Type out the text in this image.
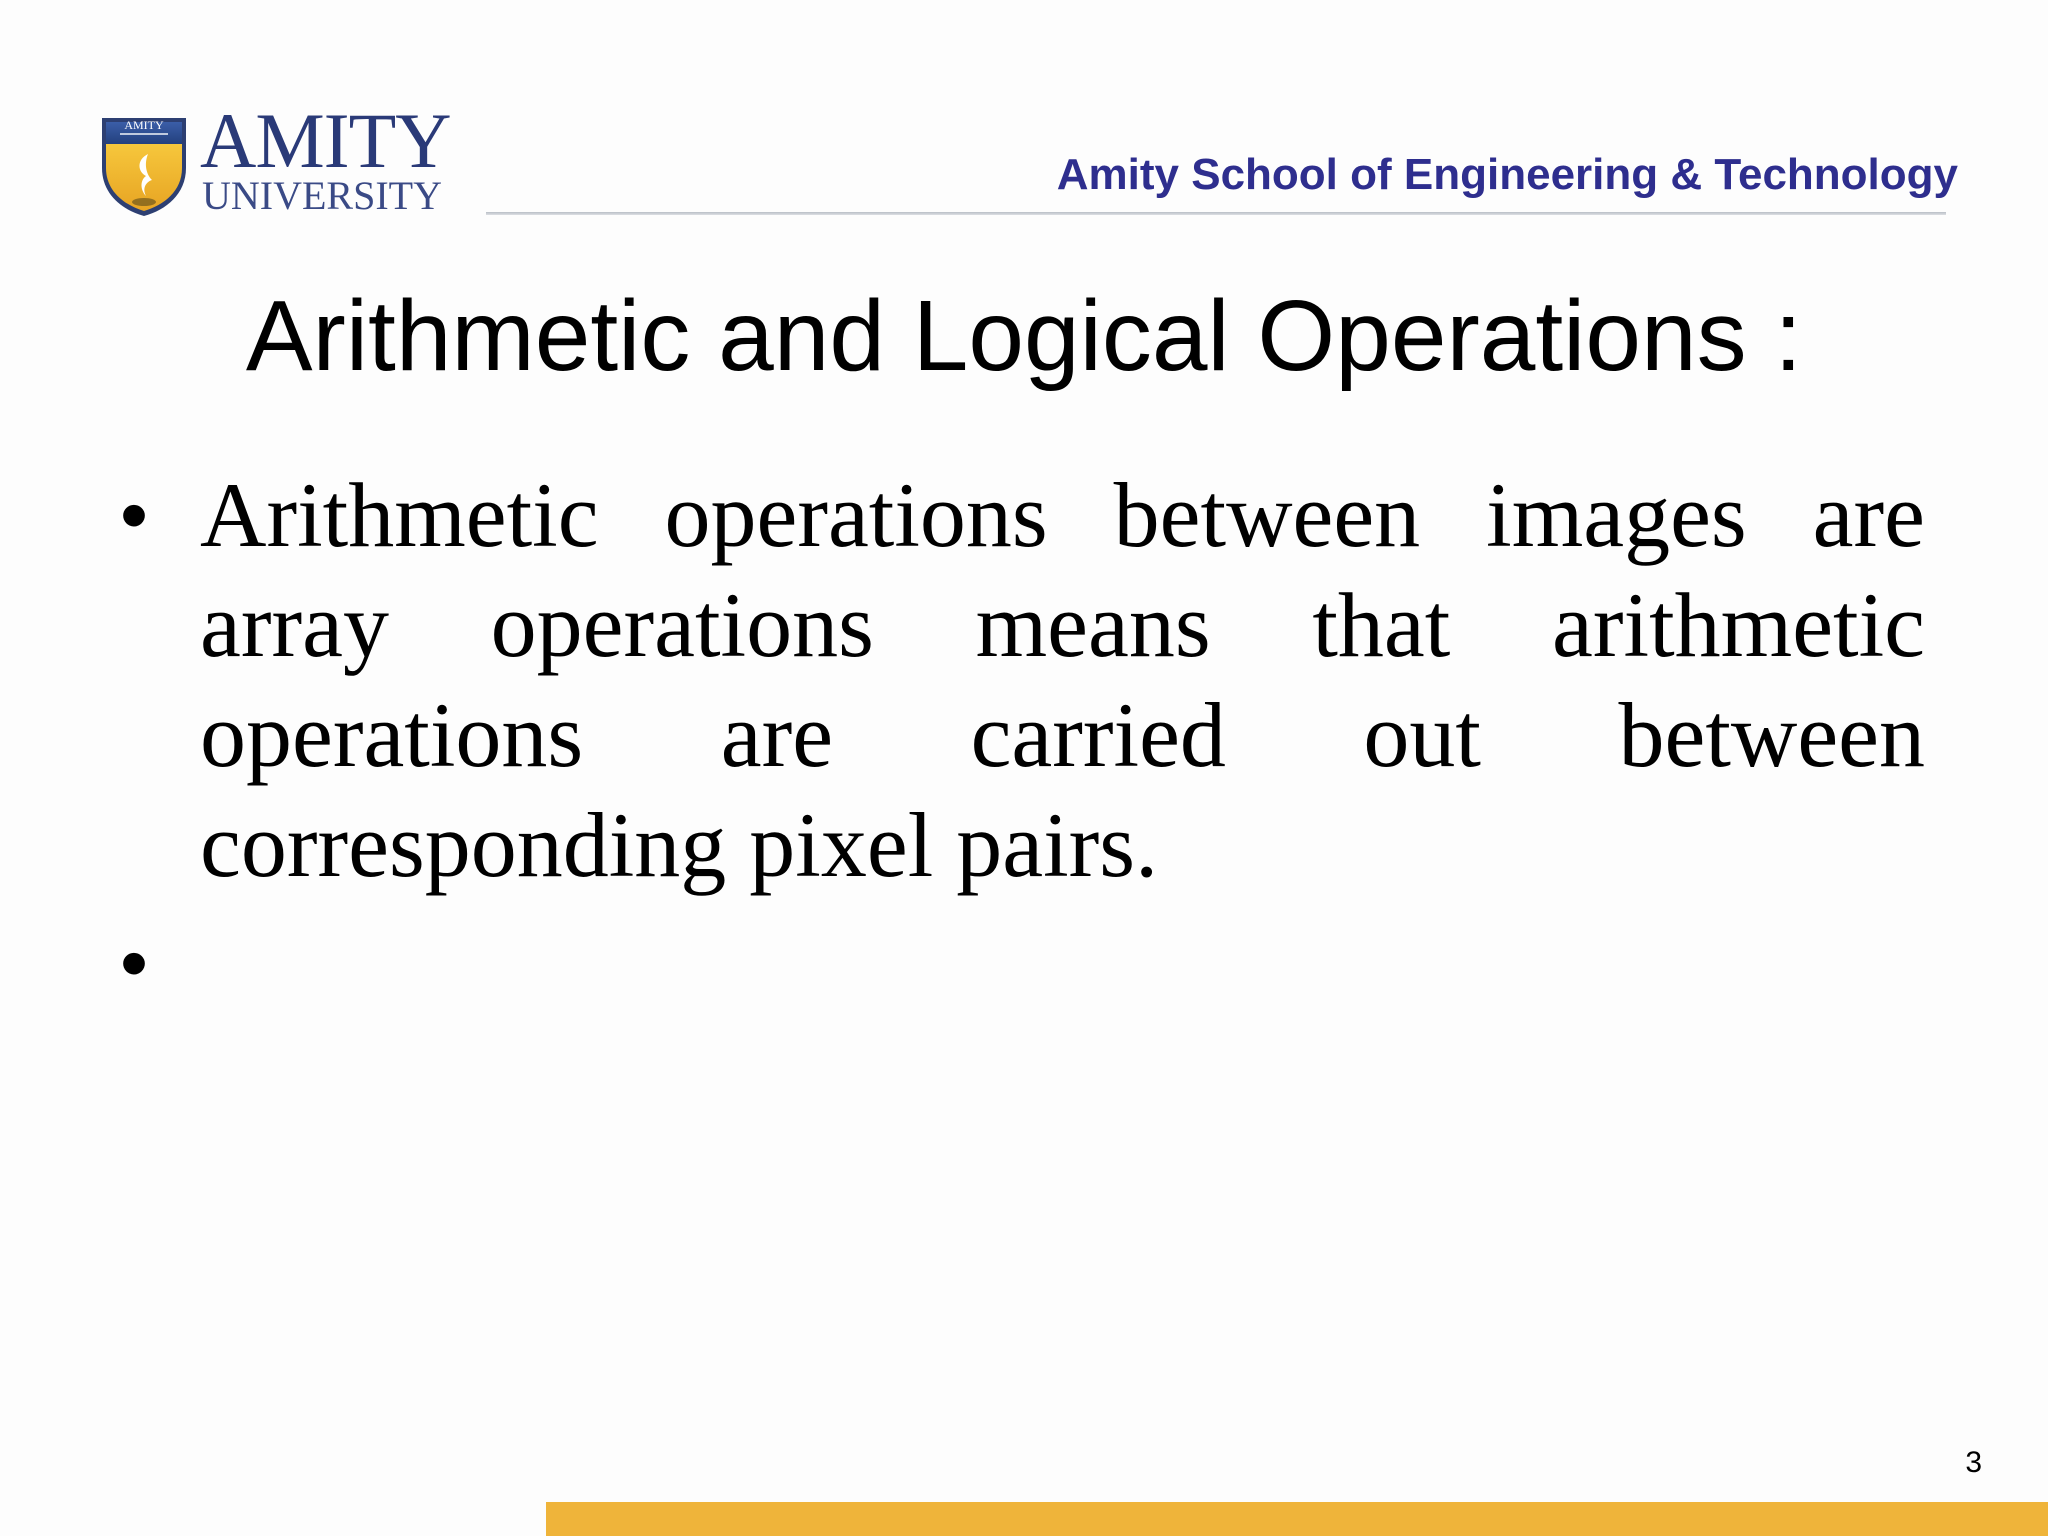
AMITY AMITY
UNIVERSITY	Amity School of Engineering & Technology
Arithmetic and Logical Operations :
• Arithmetic operations between images are array operations means that arithmetic operations are carried out between corresponding pixel pairs.
•
3
